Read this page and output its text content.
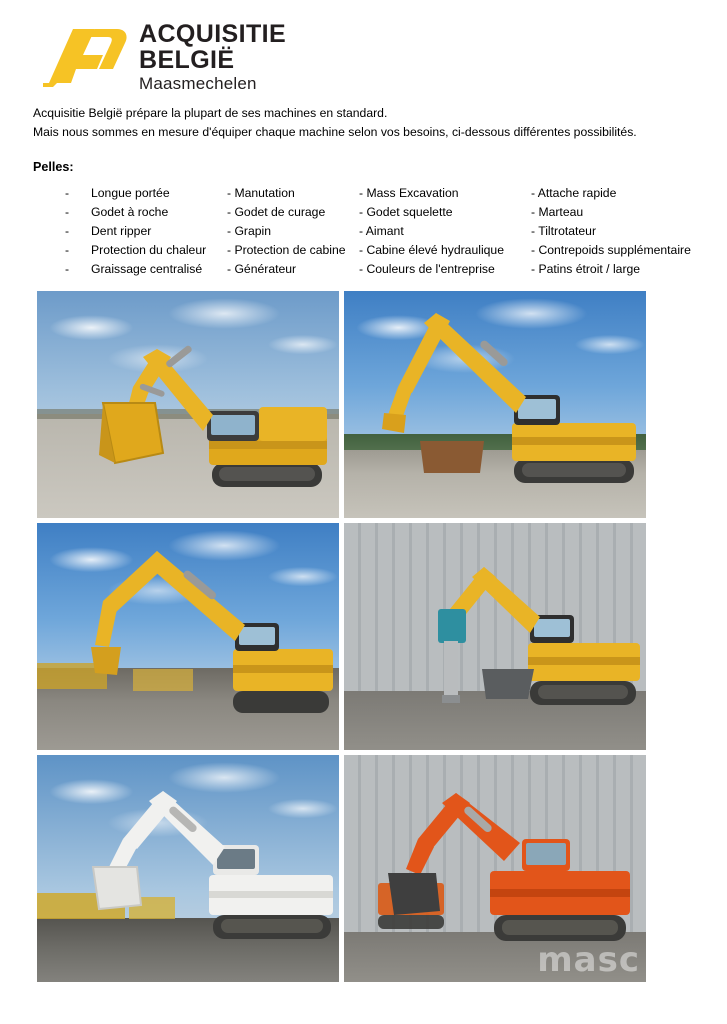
ACQUISITIE
BELGIË
Maasmechelen
Acquisitie België prépare la plupart de ses machines en standard.
Mais nous sommes en mesure d'équiper chaque machine selon vos besoins, ci-dessous différentes possibilités.
Pelles:
-	Longue portée	- Manutation	- Mass Excavation	- Attache rapide
-	Godet à roche	- Godet de curage	- Godet squelette	- Marteau
-	Dent ripper	- Grapin	- Aimant	- Tiltrotateur
-	Protection du chaleur	- Protection de cabine	- Cabine élevé hydraulique	- Contrepoids supplémentaire
-	Graissage centralisé	- Générateur	- Couleurs de l'entreprise	- Patins étroit / large
masc
